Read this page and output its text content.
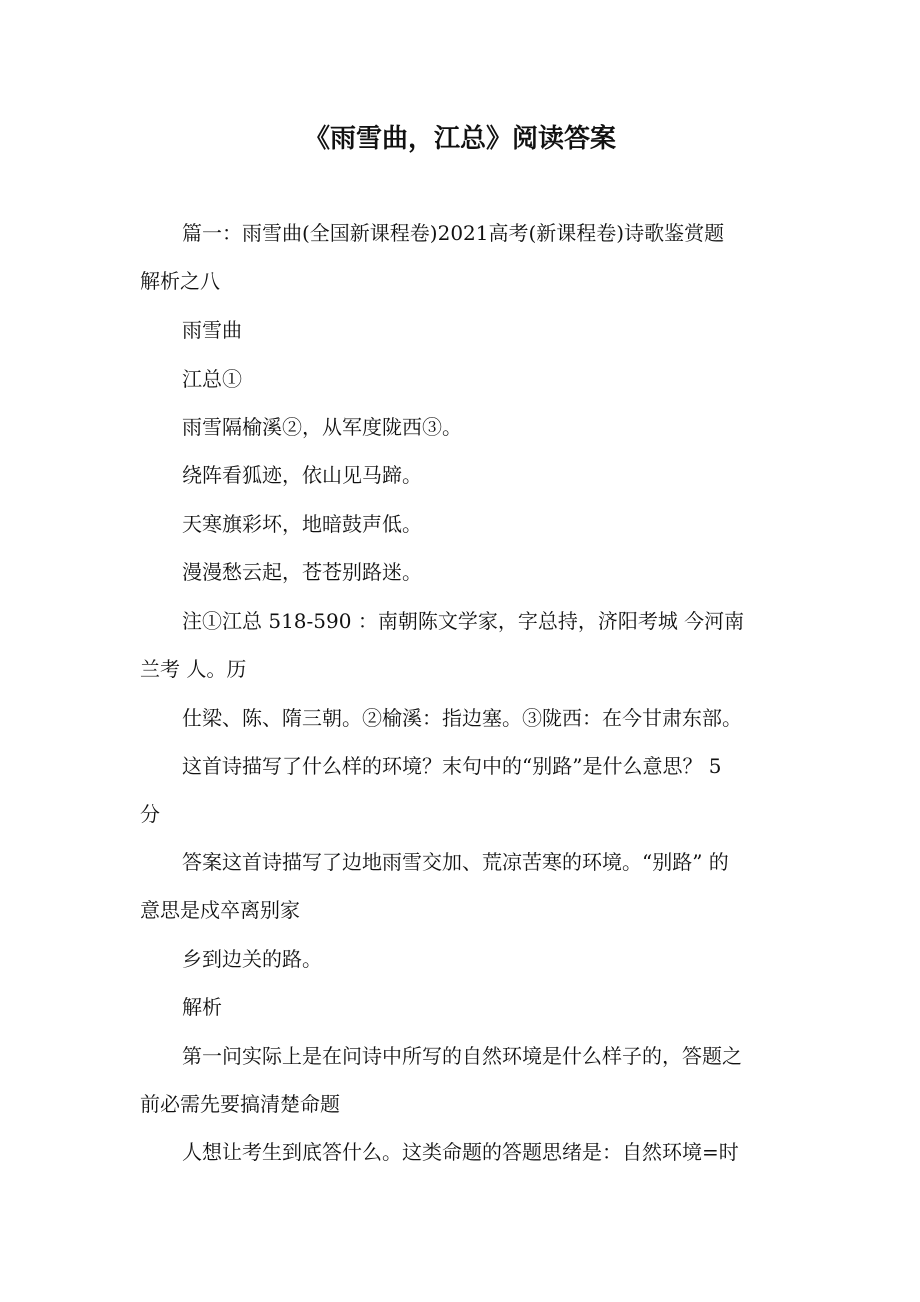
《雨雪曲，江总》阅读答案
篇一：雨雪曲(全国新课程卷)2021高考(新课程卷)诗歌鉴赏题
解析之八
雨雪曲
江总①
雨雪隔榆溪②，从军度陇西③。
绕阵看狐迹，依山见马蹄。
天寒旗彩坏，地暗鼓声低。
漫漫愁云起，苍苍别路迷。
注①江总 518-590 ：南朝陈文学家，字总持，济阳考城 今河南
兰考 人。历
仕梁、陈、隋三朝。②榆溪：指边塞。③陇西：在今甘肃东部。
这首诗描写了什么样的环境？末句中的“别路”是什么意思？ 5
分
答案这首诗描写了边地雨雪交加、荒凉苦寒的环境。“别路” 的
意思是戍卒离别家
乡到边关的路。
解析
第一问实际上是在问诗中所写的自然环境是什么样子的，答题之
前必需先要搞清楚命题
人想让考生到底答什么。这类命题的答题思绪是：自然环境=时
